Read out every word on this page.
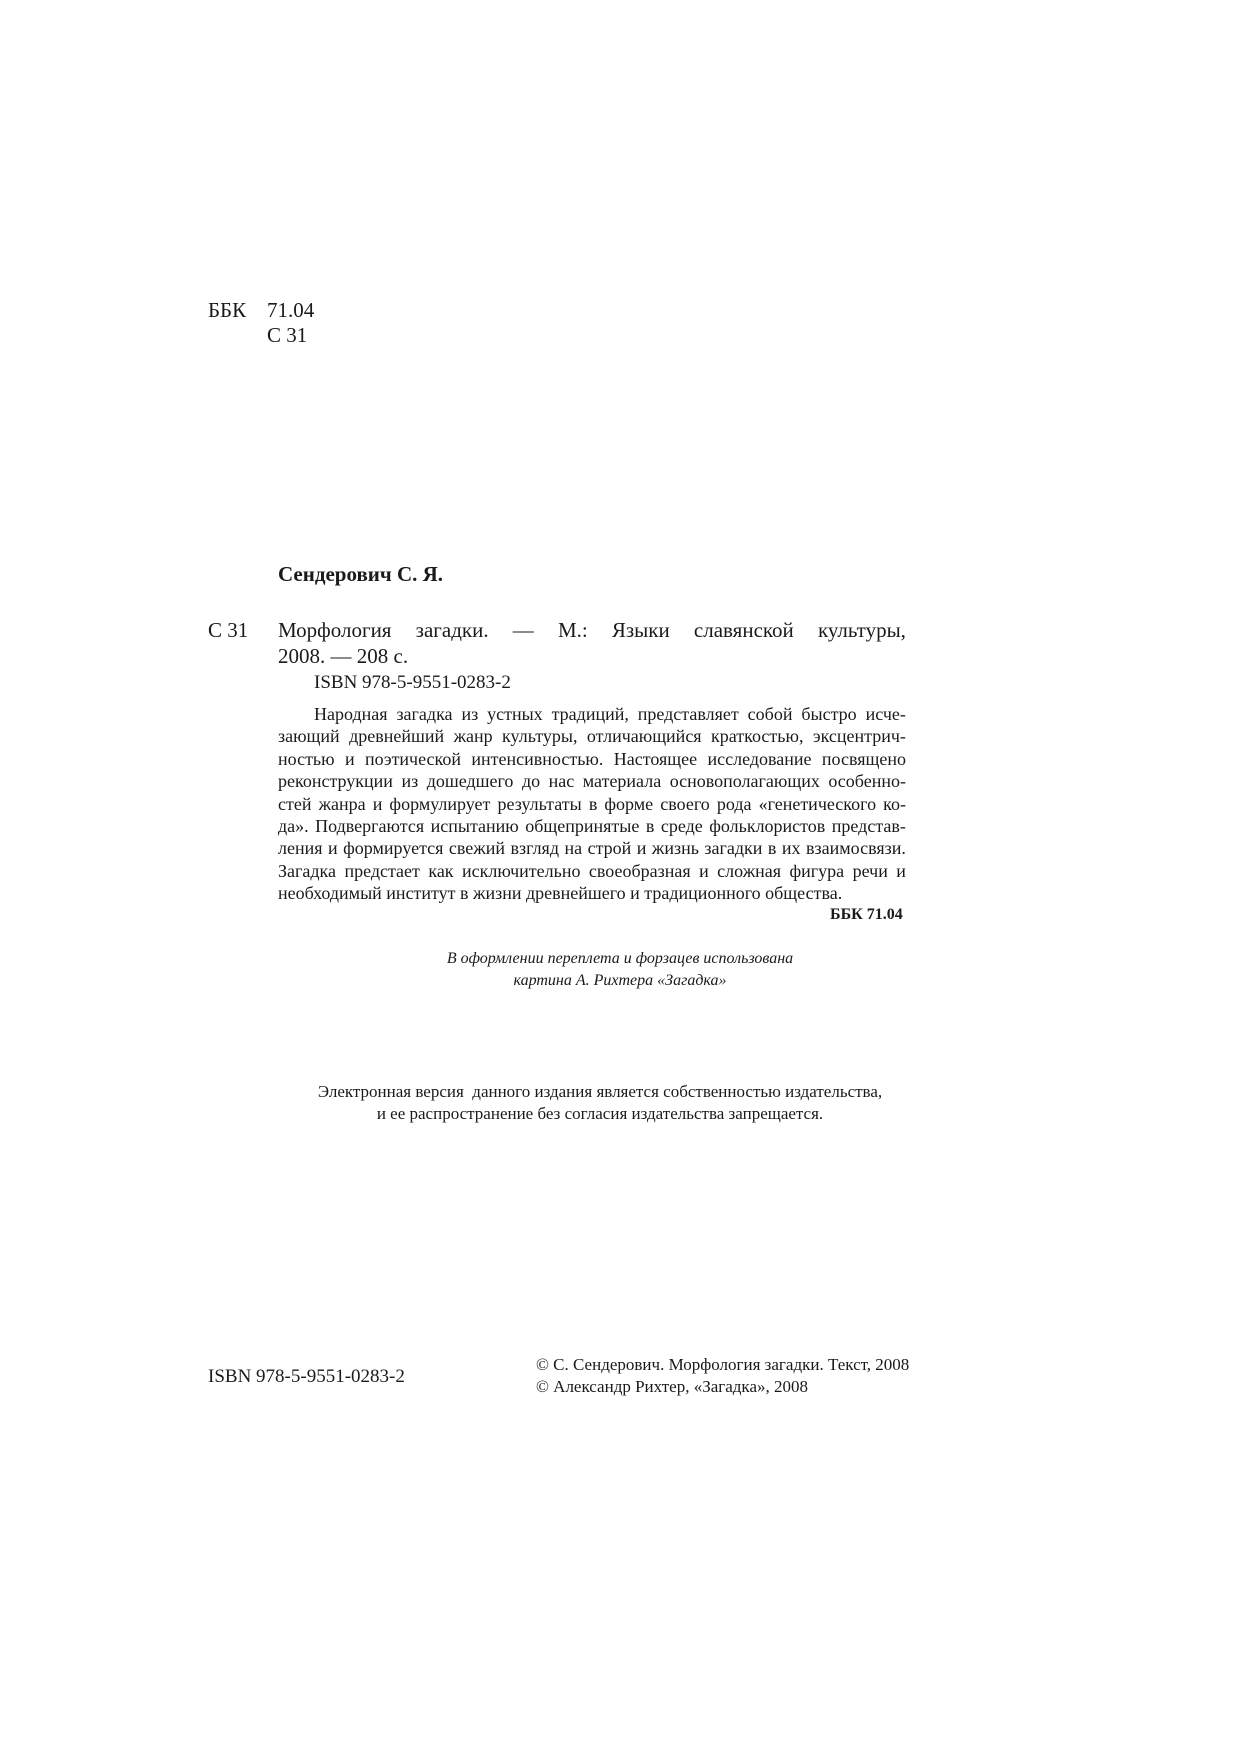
ББК 71.04
С 31
Сендерович С. Я.
С 31 Морфология загадки. — М.: Языки славянской культуры,
2008. — 208 с.
ISBN 978-5-9551-0283-2
Народная загадка из устных традиций, представляет собой быстро исче-
зающий древнейший жанр культуры, отличающийся краткостью, эксцентрич-
ностью и поэтической интенсивностью. Настоящее исследование посвящено
реконструкции из дошедшего до нас материала основополагающих особенно-
стей жанра и формулирует результаты в форме своего рода «генетического ко-
да». Подвергаются испытанию общепринятые в среде фольклористов представ-
ления и формируется свежий взгляд на строй и жизнь загадки в их взаимосвязи.
Загадка предстает как исключительно своеобразная и сложная фигура речи и
необходимый институт в жизни древнейшего и традиционного общества.
ББК 71.04
В оформлении переплета и форзацев использована
картина А. Рихтера «Загадка»
Электронная версия  данного издания является собственностью издательства,
и ее распространение без согласия издательства запрещается.
ISBN 978-5-9551-0283-2
© С. Сендерович. Морфология загадки. Текст, 2008
© Александр Рихтер, «Загадка», 2008
